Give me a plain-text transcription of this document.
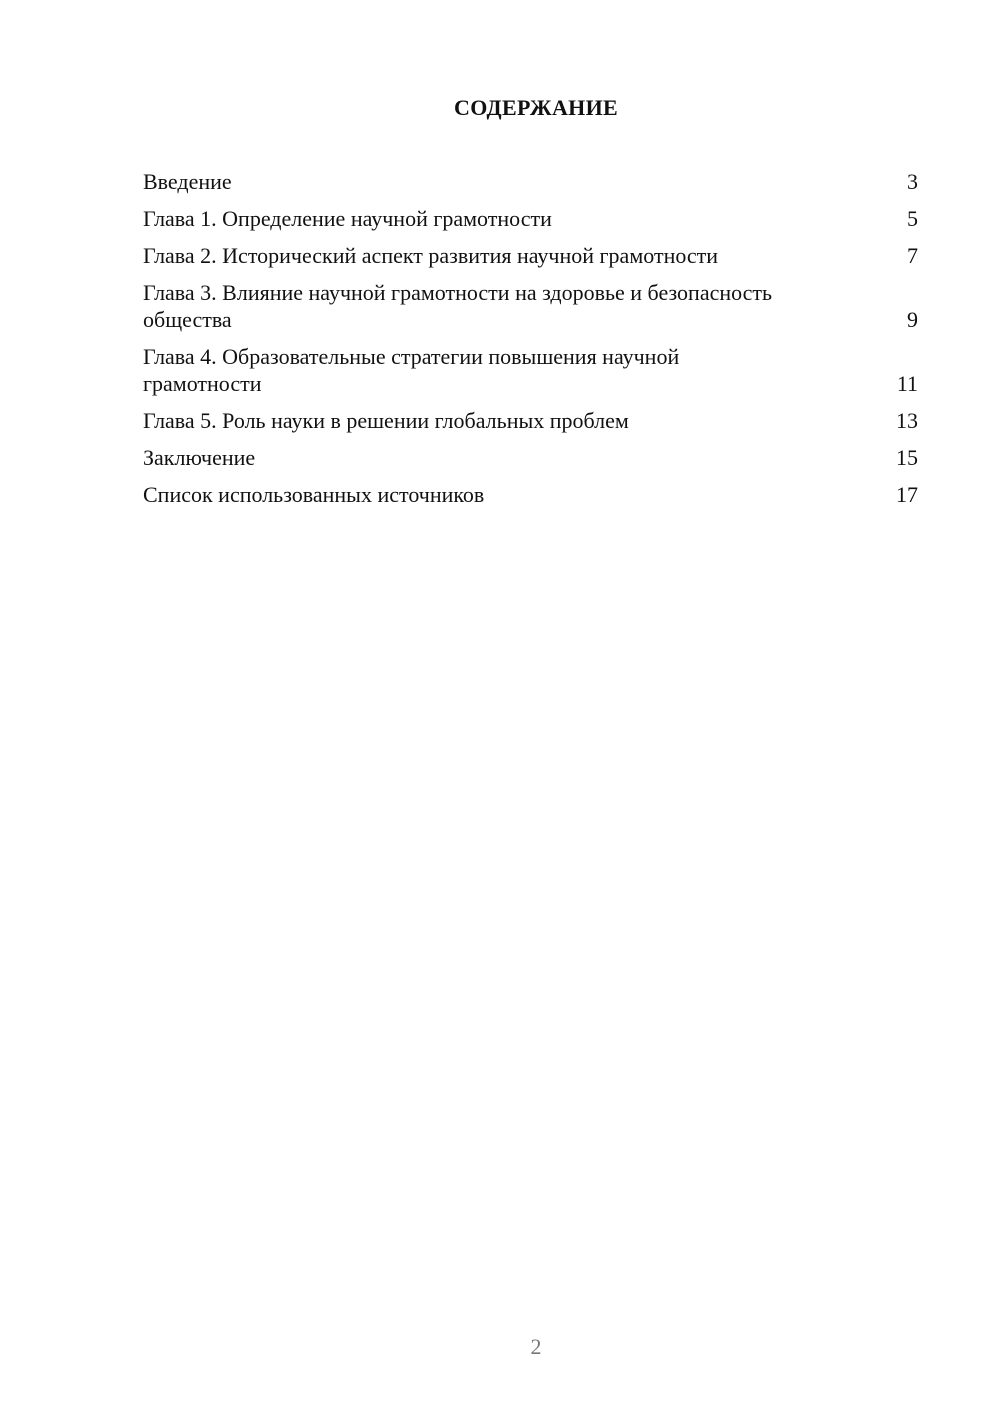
СОДЕРЖАНИЕ
Введение	3
Глава 1. Определение научной грамотности	5
Глава 2. Исторический аспект развития научной грамотности	7
Глава 3. Влияние научной грамотности на здоровье и безопасность общества	9
Глава 4. Образовательные стратегии повышения научной грамотности	11
Глава 5. Роль науки в решении глобальных проблем	13
Заключение	15
Список использованных источников	17
2
